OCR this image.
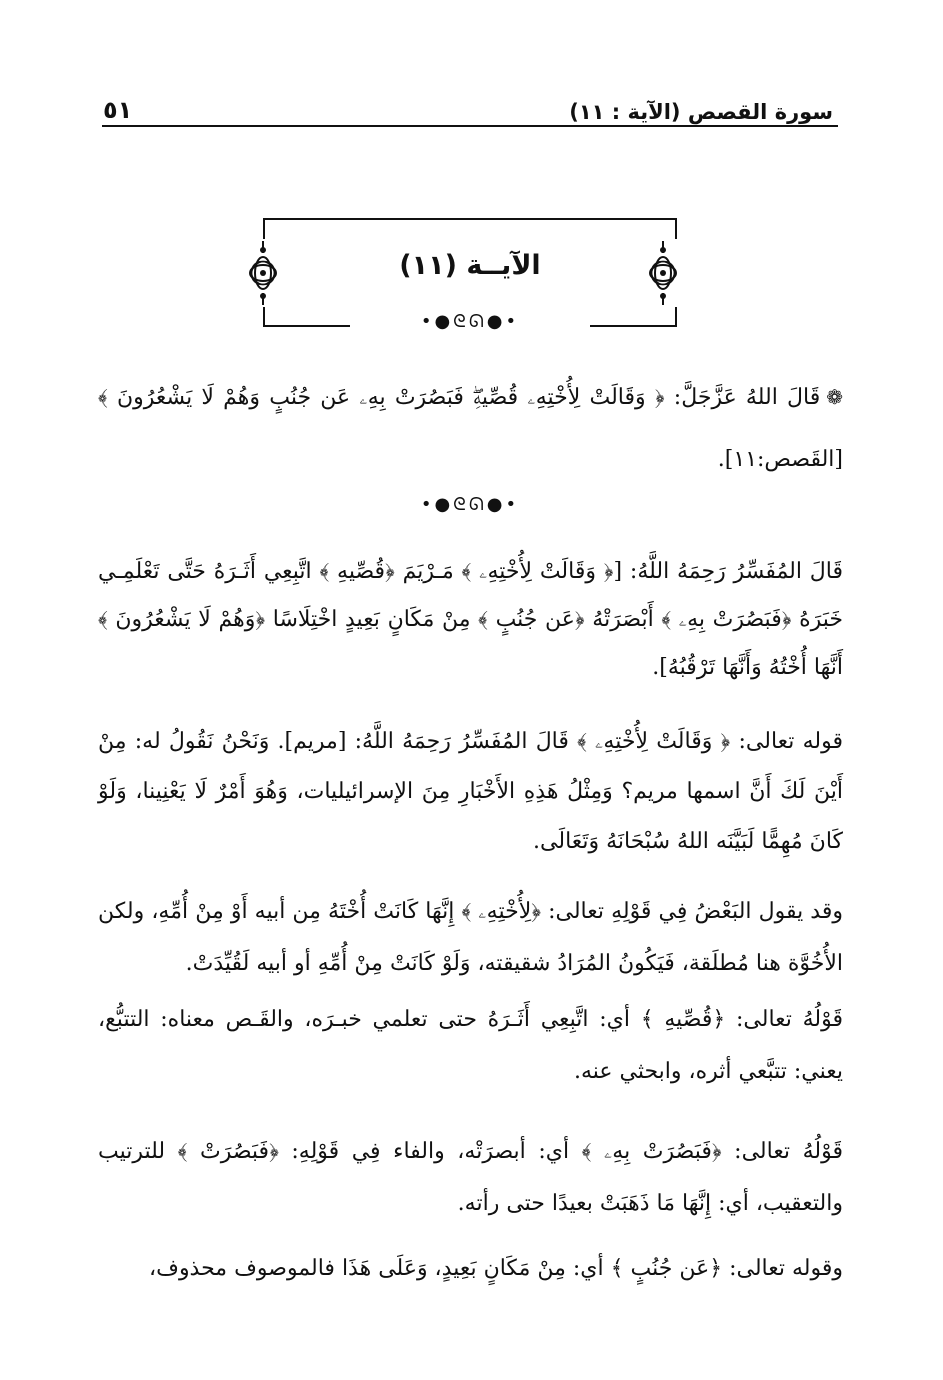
سورة القصص (الآية : ١١)
٥١
الآيــة (١١)
•●ᘓᘏ●•
❁قَالَ اللهُ عَزَّجَلَّ: ﴿ وَقَالَتْ لِأُخْتِهِۦ قُصِّيهِۖ فَبَصُرَتْ بِهِۦ عَن جُنُبٍ وَهُمْ لَا يَشْعُرُونَ ﴾ [القَصص:١١].
•●ᘓᘏ●•
قَالَ المُفَسِّرُ رَحِمَهُ اللَّهُ: [﴿ وَقَالَتْ لِأُخْتِهِۦ ﴾ مَـرْيَمَ ﴿قُصِّيهِ ﴾ اتَّبِعِي أَثَـرَهُ حَتَّى تَعْلَمِـي خَبَرَهُ ﴿فَبَصُرَتْ بِهِۦ ﴾ أَبْصَرَتْهُ ﴿عَن جُنُبٍ ﴾ مِنْ مَكَانٍ بَعِيدٍ اخْتِلَاسًا ﴿وَهُمْ لَا يَشْعُرُونَ ﴾ أَنَّهَا أُخْتُهُ وَأَنَّهَا تَرْقُبُهُ].
قوله تعالى: ﴿ وَقَالَتْ لِأُخْتِهِۦ ﴾ قَالَ المُفَسِّرُ رَحِمَهُ اللَّهُ: [مريم]. وَنَحْنُ نَقُولُ له: مِنْ أَيْنَ لَكَ أَنَّ اسمها مريم؟ وَمِثْلُ هَذِهِ الأَخْبَارِ مِنَ الإسرائيليات، وَهُوَ أَمْرٌ لَا يَعْنِينا، وَلَوْ كَانَ مُهِمًّا لَبَيَّنَه اللهُ سُبْحَانَهُ وَتَعَالَى.
وقد يقول البَعْضُ فِي قَوْلِهِ تعالى: ﴿لِأُخْتِهِۦ ﴾ إِنَّهَا كَانَتْ أُخْتَهُ مِن أبيه أَوْ مِنْ أُمِّهِ، ولكن الأُخُوَّة هنا مُطلَقة، فَيَكُونُ المُرَادُ شقيقته، وَلَوْ كَانَتْ مِنْ أُمِّهِ أو أبيه لَقُيِّدَتْ.
قَوْلُهُ تعالى: ﴿قُصِّيهِ ﴾ أي: اتَّبِعِي أَثَـرَهُ حتى تعلمي خبـرَه، والقَـص معناه: التتبُّع، يعني: تتبَّعي أثره، وابحثي عنه.
قَوْلُهُ تعالى: ﴿فَبَصُرَتْ بِهِۦ ﴾ أي: أبصرَتْه، والفاء فِي قَوْلِهِ: ﴿فَبَصُرَتْ ﴾ للترتيب والتعقيب، أي: إِنَّهَا مَا ذَهَبَتْ بعيدًا حتى رأته.
وقوله تعالى: ﴿عَن جُنُبٍ ﴾ أي: مِنْ مَكَانٍ بَعِيدٍ، وَعَلَى هَذَا فالموصوف محذوف،
